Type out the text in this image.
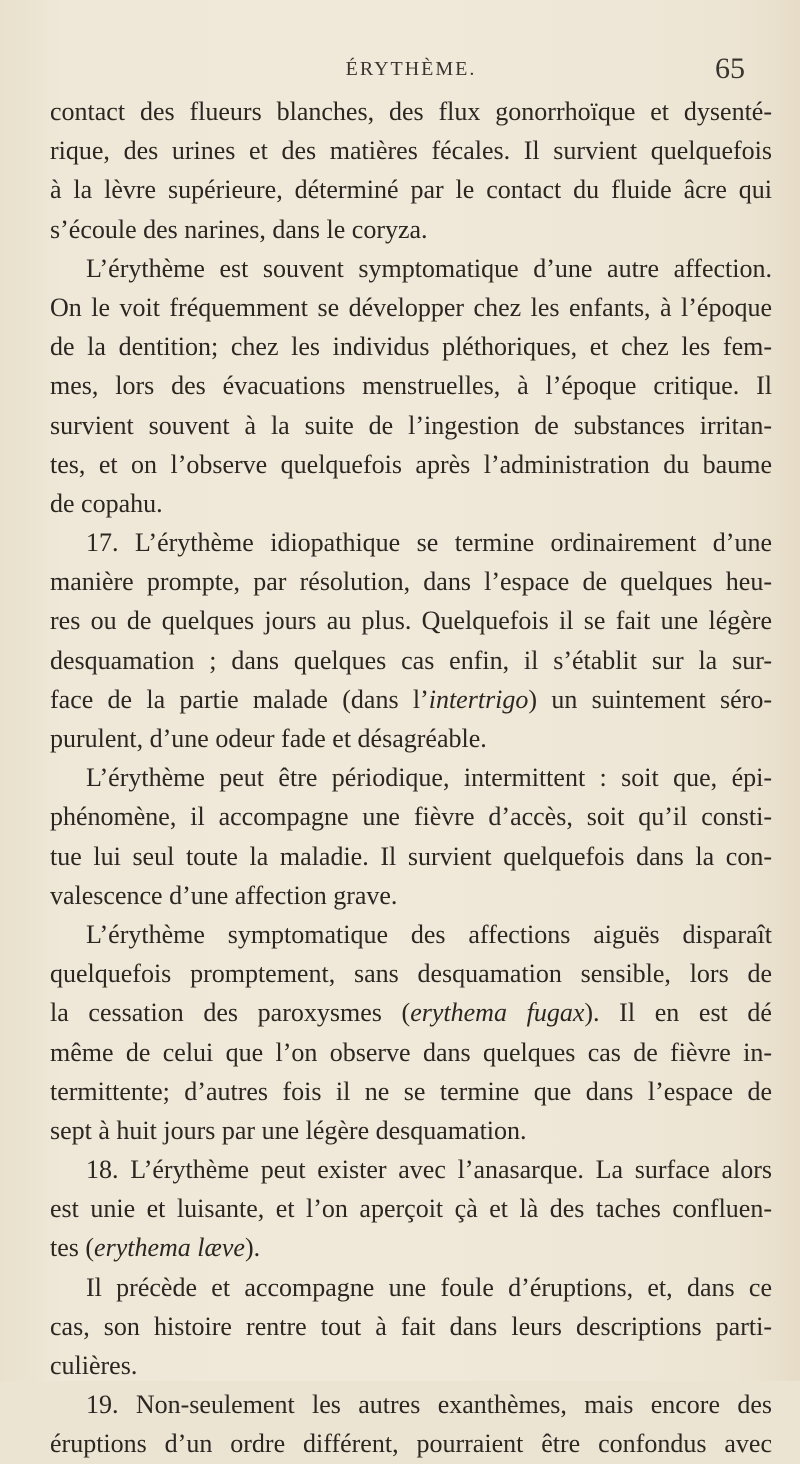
ÉRYTHÈME.	65
contact des flueurs blanches, des flux gonorrhoïque et dysenté-
rique, des urines et des matières fécales. Il survient quelquefois
à la lèvre supérieure, déterminé par le contact du fluide âcre qui
s’écoule des narines, dans le coryza.
L’érythème est souvent symptomatique d’une autre affection.
On le voit fréquemment se développer chez les enfants, à l’époque
de la dentition; chez les individus pléthoriques, et chez les fem-
mes, lors des évacuations menstruelles, à l’époque critique. Il
survient souvent à la suite de l’ingestion de substances irritan-
tes, et on l’observe quelquefois après l’administration du baume
de copahu.
17. L’érythème idiopathique se termine ordinairement d’une
manière prompte, par résolution, dans l’espace de quelques heu-
res ou de quelques jours au plus. Quelquefois il se fait une légère
desquamation ; dans quelques cas enfin, il s’établit sur la sur-
face de la partie malade (dans l’intertrigo) un suintement séro-
purulent, d’une odeur fade et désagréable.
L’érythème peut être périodique, intermittent : soit que, épi-
phénomène, il accompagne une fièvre d’accès, soit qu’il consti-
tue lui seul toute la maladie. Il survient quelquefois dans la con-
valescence d’une affection grave.
L’érythème symptomatique des affections aiguës disparaît
quelquefois promptement, sans desquamation sensible, lors de
la cessation des paroxysmes (erythema fugax). Il en est dé
même de celui que l’on observe dans quelques cas de fièvre in-
termittente; d’autres fois il ne se termine que dans l’espace de
sept à huit jours par une légère desquamation.
18. L’érythème peut exister avec l’anasarque. La surface alors
est unie et luisante, et l’on aperçoit çà et là des taches confluen-
tes (erythema læve).
Il précède et accompagne une foule d’éruptions, et, dans ce
cas, son histoire rentre tout à fait dans leurs descriptions parti-
culières.
19. Non-seulement les autres exanthèmes, mais encore des
éruptions d’un ordre différent, pourraient être confondus avec
